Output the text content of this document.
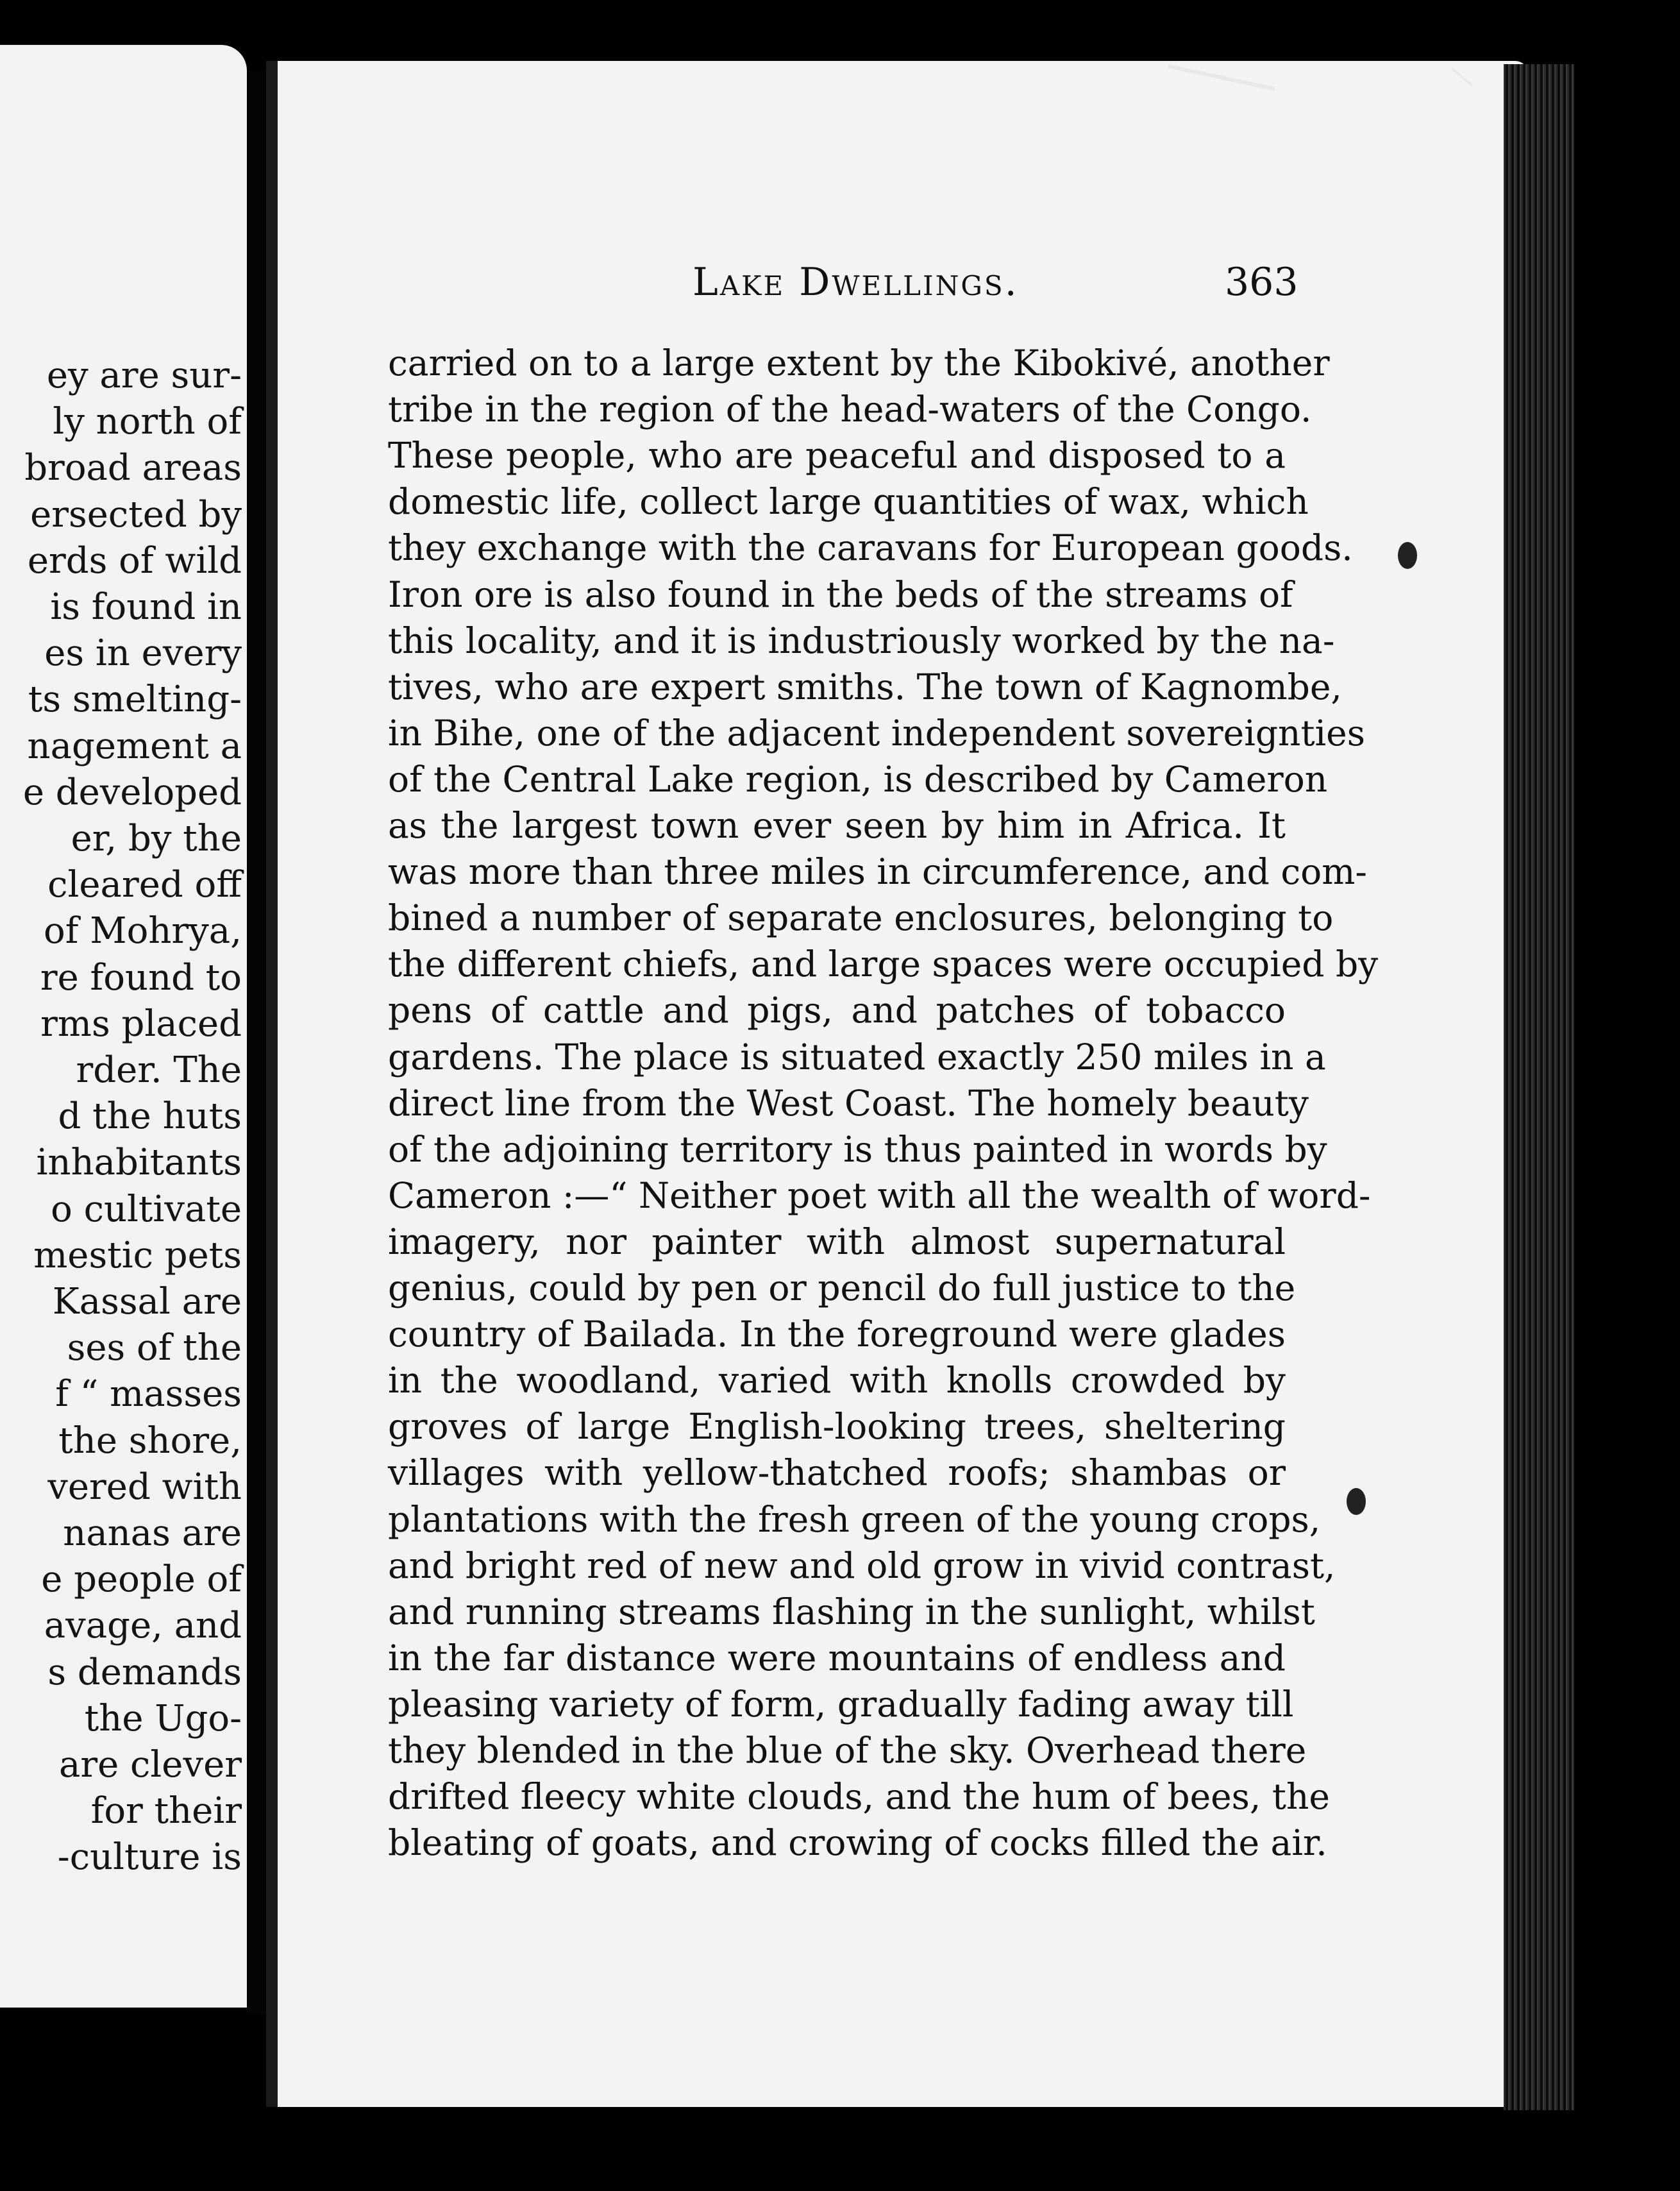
ey are sur-
ly north of
broad areas
ersected by
erds of wild
is found in
es in every
ts smelting-
nagement a
e developed
er, by the
cleared off
of Mohrya,
re found to
rms placed
rder. The
d the huts
inhabitants
o cultivate
mestic pets
Kassal are
ses of the
f “ masses
the shore,
vered with
nanas are
e people of
avage, and
s demands
the Ugo-
are clever
for their
-culture is
Lake Dwellings.	363
carried on to a large extent by the Kibokivé, another
tribe in the region of the head-waters of the Congo.
These people, who are peaceful and disposed to a
domestic life, collect large quantities of wax, which
they exchange with the caravans for European goods.
Iron ore is also found in the beds of the streams of
this locality, and it is industriously worked by the na-
tives, who are expert smiths. The town of Kagnombe,
in Bihe, one of the adjacent independent sovereignties
of the Central Lake region, is described by Cameron
as the largest town ever seen by him in Africa. It
was more than three miles in circumference, and com-
bined a number of separate enclosures, belonging to
the different chiefs, and large spaces were occupied by
pens of cattle and pigs, and patches of tobacco
gardens. The place is situated exactly 250 miles in a
direct line from the West Coast. The homely beauty
of the adjoining territory is thus painted in words by
Cameron :—“ Neither poet with all the wealth of word-
imagery, nor painter with almost supernatural
genius, could by pen or pencil do full justice to the
country of Bailada. In the foreground were glades
in the woodland, varied with knolls crowded by
groves of large English-looking trees, sheltering
villages with yellow-thatched roofs; shambas or
plantations with the fresh green of the young crops,
and bright red of new and old grow in vivid contrast,
and running streams flashing in the sunlight, whilst
in the far distance were mountains of endless and
pleasing variety of form, gradually fading away till
they blended in the blue of the sky. Overhead there
drifted fleecy white clouds, and the hum of bees, the
bleating of goats, and crowing of cocks filled the air.
